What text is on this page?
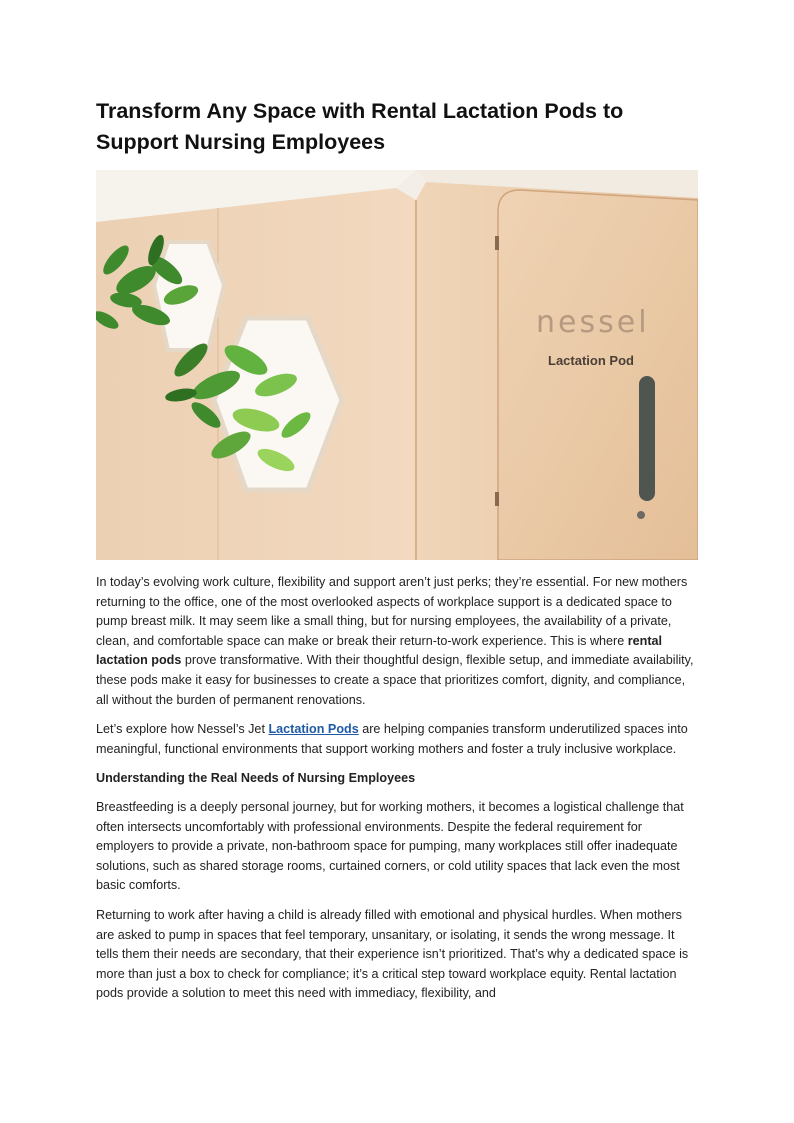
Transform Any Space with Rental Lactation Pods to Support Nursing Employees
nessel
Lactation Pod

In today’s evolving work culture, flexibility and support aren’t just perks; they’re essential. For new mothers returning to the office, one of the most overlooked aspects of workplace support is a dedicated space to pump breast milk. It may seem like a small thing, but for nursing employees, the availability of a private, clean, and comfortable space can make or break their return-to-work experience. This is where rental lactation pods prove transformative. With their thoughtful design, flexible setup, and immediate availability, these pods make it easy for businesses to create a space that prioritizes comfort, dignity, and compliance, all without the burden of permanent renovations.

Let’s explore how Nessel’s Jet Lactation Pods are helping companies transform underutilized spaces into meaningful, functional environments that support working mothers and foster a truly inclusive workplace.

Understanding the Real Needs of Nursing Employees

Breastfeeding is a deeply personal journey, but for working mothers, it becomes a logistical challenge that often intersects uncomfortably with professional environments. Despite the federal requirement for employers to provide a private, non-bathroom space for pumping, many workplaces still offer inadequate solutions, such as shared storage rooms, curtained corners, or cold utility spaces that lack even the most basic comforts.

Returning to work after having a child is already filled with emotional and physical hurdles. When mothers are asked to pump in spaces that feel temporary, unsanitary, or isolating, it sends the wrong message. It tells them their needs are secondary, that their experience isn’t prioritized. That’s why a dedicated space is more than just a box to check for compliance; it’s a critical step toward workplace equity. Rental lactation pods provide a solution to meet this need with immediacy, flexibility, and
